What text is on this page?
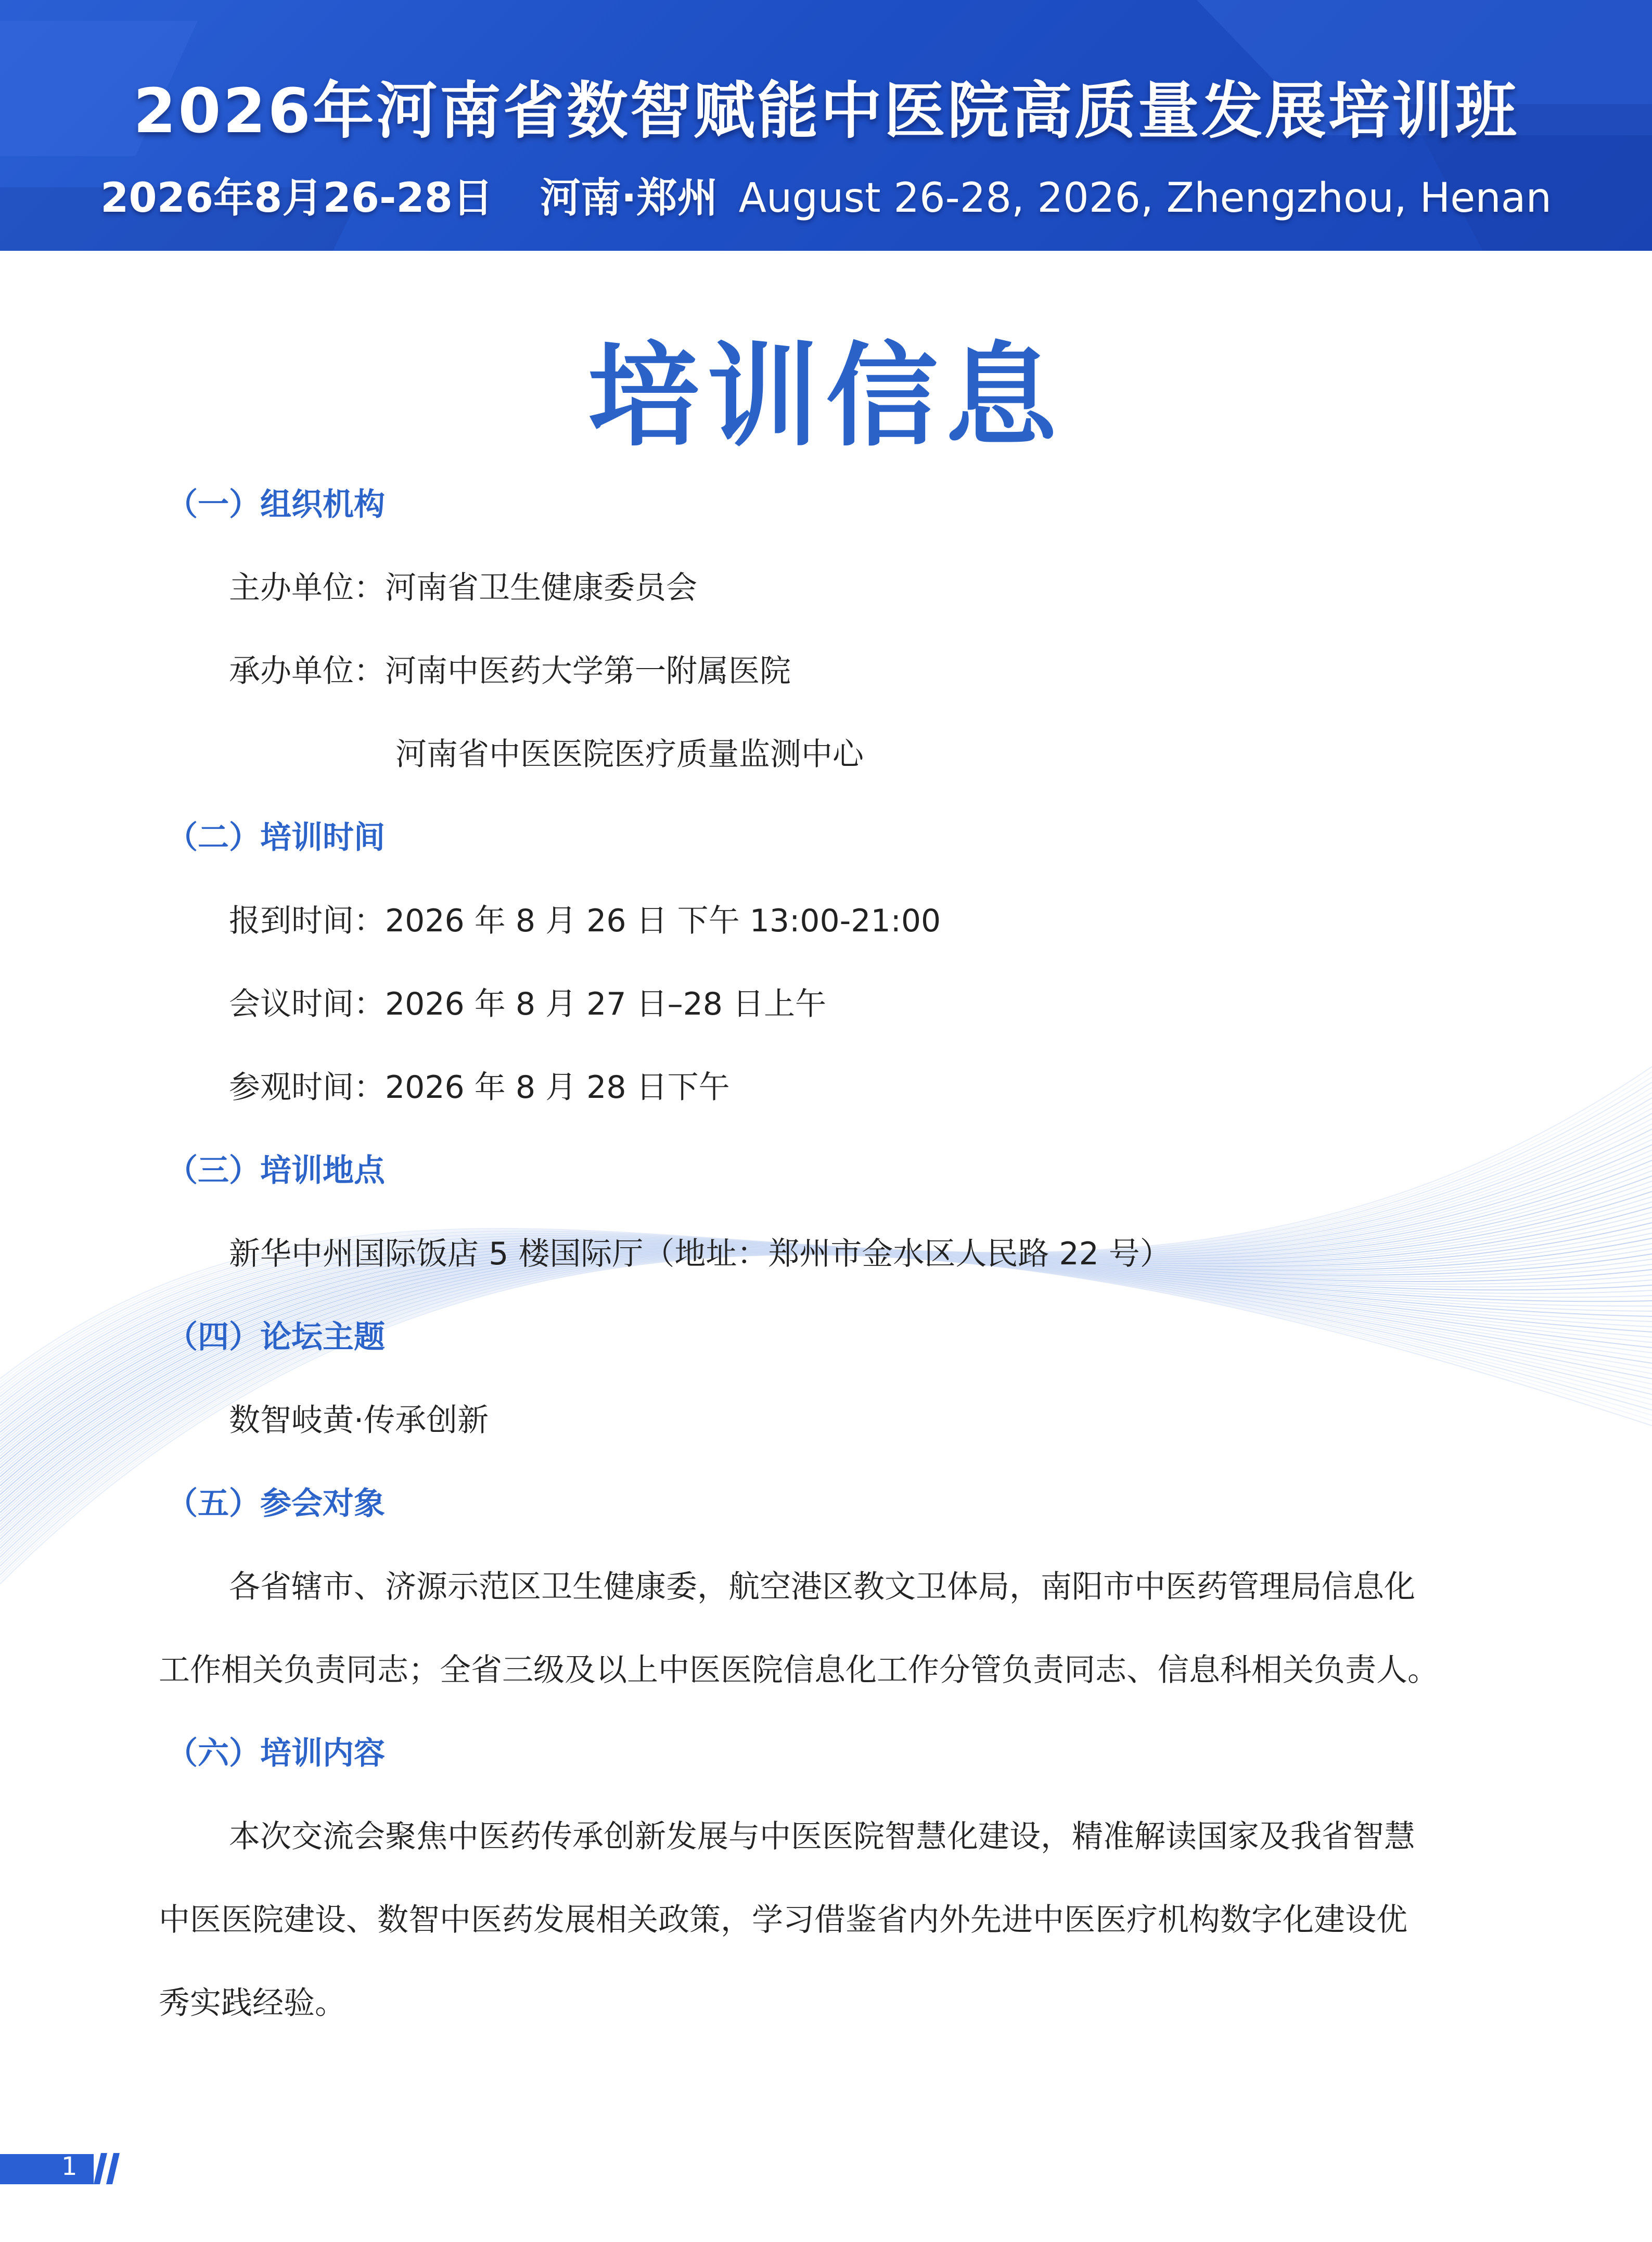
2026年河南省数智赋能中医院高质量发展培训班
2026年8月26-28日 河南·郑州 August 26-28, 2026, Zhengzhou, Henan
培训信息
（一）组织机构
主办单位：河南省卫生健康委员会
承办单位：河南中医药大学第一附属医院
河南省中医医院医疗质量监测中心
（二）培训时间
报到时间：2026 年 8 月 26 日 下午 13:00-21:00
会议时间：2026 年 8 月 27 日–28 日上午
参观时间：2026 年 8 月 28 日下午
（三）培训地点
新华中州国际饭店 5 楼国际厅（地址：郑州市金水区人民路 22 号）
（四）论坛主题
数智岐黄·传承创新
（五）参会对象
各省辖市、济源示范区卫生健康委，航空港区教文卫体局，南阳市中医药管理局信息化
工作相关负责同志；全省三级及以上中医医院信息化工作分管负责同志、信息科相关负责人。
（六）培训内容
本次交流会聚焦中医药传承创新发展与中医医院智慧化建设，精准解读国家及我省智慧
中医医院建设、数智中医药发展相关政策，学习借鉴省内外先进中医医疗机构数字化建设优
秀实践经验。
1
